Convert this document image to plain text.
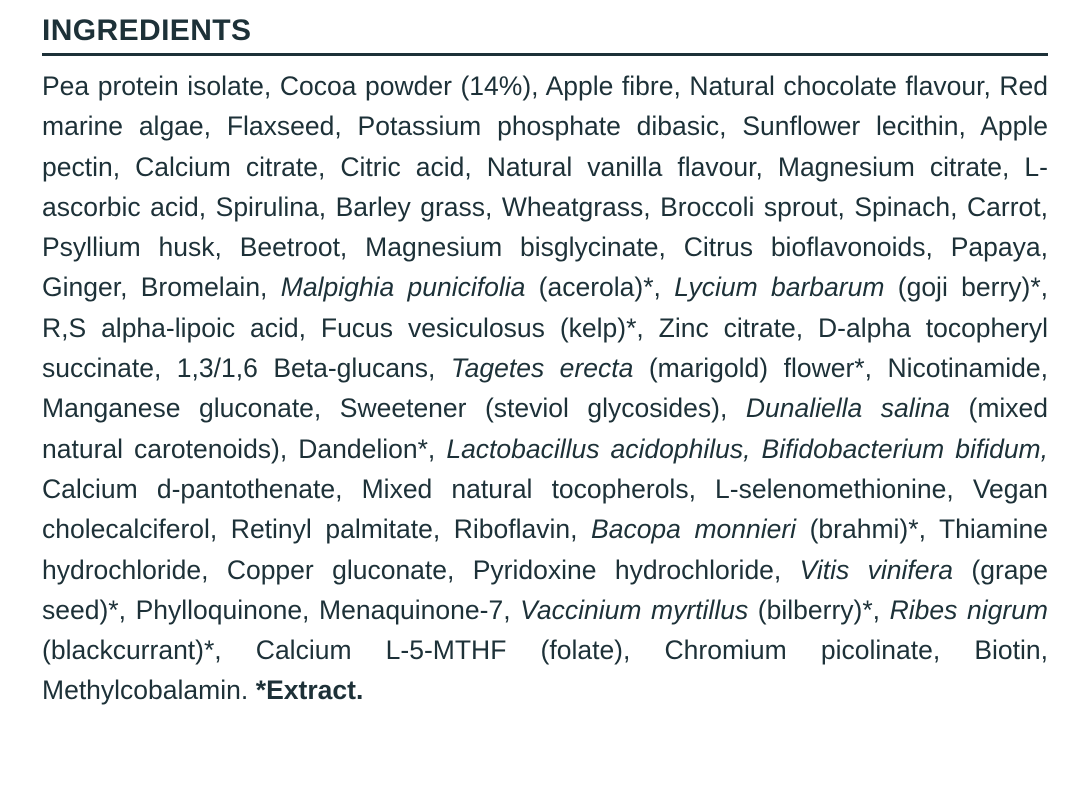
INGREDIENTS

Pea protein isolate, Cocoa powder (14%), Apple fibre, Natural chocolate flavour, Red marine algae, Flaxseed, Potassium phosphate dibasic, Sunflower lecithin, Apple pectin, Calcium citrate, Citric acid, Natural vanilla flavour, Magnesium citrate, L-ascorbic acid, Spirulina, Barley grass, Wheatgrass, Broccoli sprout, Spinach, Carrot, Psyllium husk, Beetroot, Magnesium bisglycinate, Citrus bioflavonoids, Papaya, Ginger, Bromelain, Malpighia punicifolia (acerola)*, Lycium barbarum (goji berry)*, R,S alpha-lipoic acid, Fucus vesiculosus (kelp)*, Zinc citrate, D-alpha tocopheryl succinate, 1,3/1,6 Beta-glucans, Tagetes erecta (marigold) flower*, Nicotinamide, Manganese gluconate, Sweetener (steviol glycosides), Dunaliella salina (mixed natural carotenoids), Dandelion*, Lactobacillus acidophilus, Bifidobacterium bifidum, Calcium d-pantothenate, Mixed natural tocopherols, L-selenomethionine, Vegan cholecalciferol, Retinyl palmitate, Riboflavin, Bacopa monnieri (brahmi)*, Thiamine hydrochloride, Copper gluconate, Pyridoxine hydrochloride, Vitis vinifera (grape seed)*, Phylloquinone, Menaquinone-7, Vaccinium myrtillus (bilberry)*, Ribes nigrum (blackcurrant)*, Calcium L-5-MTHF (folate), Chromium picolinate, Biotin, Methylcobalamin. *Extract.
